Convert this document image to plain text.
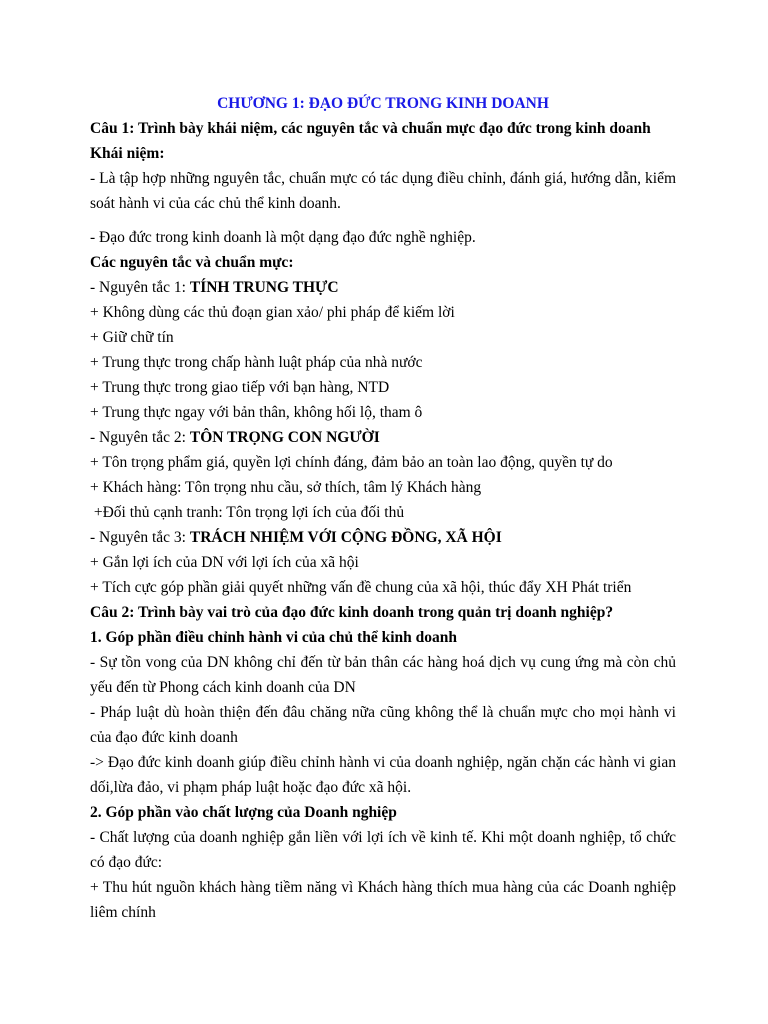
CHƯƠNG 1: ĐẠO ĐỨC TRONG KINH DOANH

Câu 1: Trình bày khái niệm, các nguyên tắc và chuẩn mực đạo đức trong kinh doanh

Khái niệm:

- Là tập hợp những nguyên tắc, chuẩn mực có tác dụng điều chỉnh, đánh giá, hướng dẫn, kiểm soát hành vi của các chủ thể kinh doanh.

- Đạo đức trong kinh doanh là một dạng đạo đức nghề nghiệp.

Các nguyên tắc và chuẩn mực:

- Nguyên tắc 1: TÍNH TRUNG THỰC

+ Không dùng các thủ đoạn gian xảo/ phi pháp để kiếm lời

+ Giữ chữ tín

+ Trung thực trong chấp hành luật pháp của nhà nước

+ Trung thực trong giao tiếp với bạn hàng, NTD

+ Trung thực ngay với bản thân, không hối lộ, tham ô

- Nguyên tắc 2: TÔN TRỌNG CON NGƯỜI

+ Tôn trọng phẩm giá, quyền lợi chính đáng, đảm bảo an toàn lao động, quyền tự do

+ Khách hàng: Tôn trọng nhu cầu, sở thích, tâm lý Khách hàng

+Đối thủ cạnh tranh: Tôn trọng lợi ích của đối thủ

- Nguyên tắc 3: TRÁCH NHIỆM VỚI CỘNG ĐỒNG, XÃ HỘI

+ Gắn lợi ích của DN với lợi ích của xã hội

+ Tích cực góp phần giải quyết những vấn đề chung của xã hội, thúc đẩy XH Phát triển

Câu 2: Trình bày vai trò của đạo đức kinh doanh trong quản trị doanh nghiệp?

1. Góp phần điều chỉnh hành vi của chủ thể kinh doanh

- Sự tồn vong của DN không chỉ đến từ bản thân các hàng hoá dịch vụ cung ứng mà còn chủ yếu đến từ Phong cách kinh doanh của DN

- Pháp luật dù hoàn thiện đến đâu chăng nữa cũng không thể là chuẩn mực cho mọi hành vi của đạo đức kinh doanh

-> Đạo đức kinh doanh giúp điều chỉnh hành vi của doanh nghiệp, ngăn chặn các hành vi gian dối,lừa đảo, vi phạm pháp luật hoặc đạo đức xã hội.

2. Góp phần vào chất lượng của Doanh nghiệp

- Chất lượng của doanh nghiệp gắn liền với lợi ích về kinh tế. Khi một doanh nghiệp, tổ chức có đạo đức:

+ Thu hút nguồn khách hàng tiềm năng vì Khách hàng thích mua hàng của các Doanh nghiệp liêm chính
